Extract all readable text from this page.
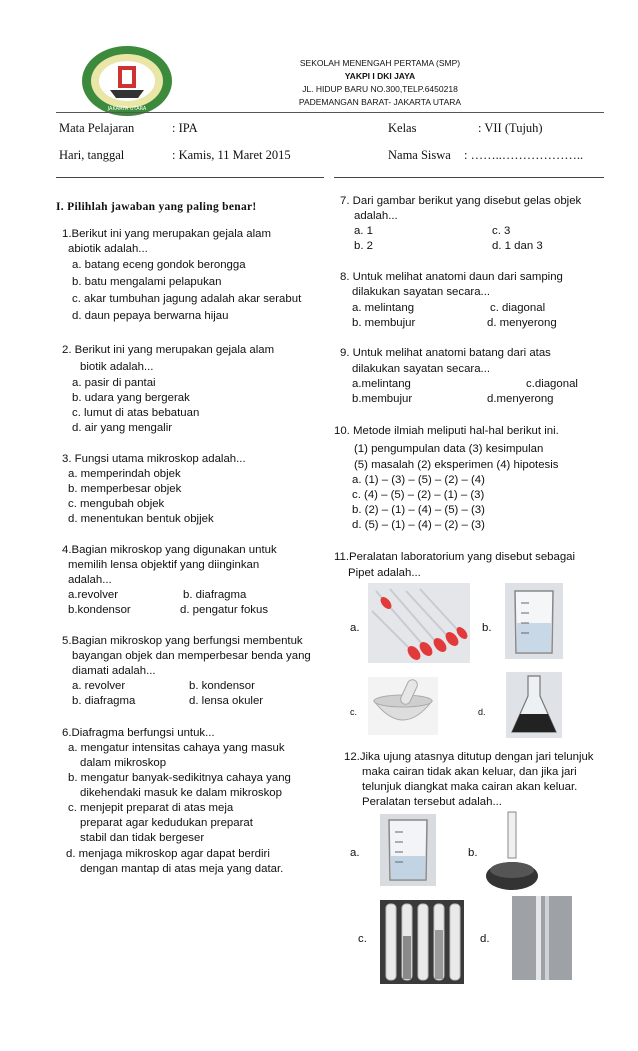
JAKARTA UTARA
SEKOLAH MENENGAH PERTAMA (SMP)
YAKPI I DKI JAYA
JL. HIDUP BARU NO.300,TELP.6450218
PADEMANGAN BARAT- JAKARTA UTARA
Mata Pelajaran	: IPA	Kelas	: VII (Tujuh)
Hari, tanggal	: Kamis, 11 Maret 2015	Nama Siswa : ……..………………..
I. Pilihlah jawaban yang paling benar!
1.Berikut ini yang merupakan gejala alam
abiotik adalah...
a. batang eceng gondok berongga
b. batu mengalami pelapukan
c. akar tumbuhan jagung adalah akar serabut
d. daun pepaya berwarna hijau
2. Berikut ini yang merupakan gejala alam
biotik adalah...
a. pasir di pantai
b. udara yang bergerak
c. lumut di atas bebatuan
d. air yang mengalir
3. Fungsi utama mikroskop adalah...
a. memperindah objek
b. memperbesar objek
c. mengubah objek
d. menentukan bentuk objjek
4.Bagian mikroskop yang digunakan untuk
memilih lensa objektif yang diinginkan
adalah...
a.revolver	b. diafragma
b.kondensor	d. pengatur fokus
5.Bagian mikroskop yang berfungsi membentuk
bayangan objek dan memperbesar benda yang
diamati adalah...
a. revolver	b. kondensor
b. diafragma	d. lensa okuler
6.Diafragma berfungsi untuk...
a. mengatur intensitas cahaya yang masuk
dalam mikroskop
b. mengatur banyak-sedikitnya cahaya yang
dikehendaki masuk ke dalam mikroskop
c. menjepit preparat di atas meja
preparat agar kedudukan preparat
stabil dan tidak bergeser
d. menjaga mikroskop agar dapat berdiri
dengan mantap di atas meja yang datar.
7. Dari gambar berikut yang disebut gelas objek
adalah...
a. 1	c. 3
b. 2	d. 1 dan 3
8. Untuk melihat anatomi daun dari samping
dilakukan sayatan secara...
a. melintang	c. diagonal
b. membujur	d. menyerong
9. Untuk melihat anatomi batang dari atas
dilakukan sayatan secara...
a.melintang	c.diagonal
b.membujur	d.menyerong
10. Metode ilmiah meliputi hal-hal berikut ini.
(1) pengumpulan data (3) kesimpulan
(5) masalah (2) eksperimen (4) hipotesis
a. (1) – (3) – (5) – (2) – (4)
c. (4) – (5) – (2) – (1) – (3)
b. (2) – (1) – (4) – (5) – (3)
d. (5) – (1) – (4) – (2) – (3)
11.Peralatan laboratorium yang disebut sebagai
Pipet adalah...
a.	b.
c.	d.
12.Jika ujung atasnya ditutup dengan jari telunjuk
maka cairan tidak akan keluar, dan jika jari
telunjuk diangkat maka cairan akan keluar.
Peralatan tersebut adalah...
a.	b.
c.	d.
